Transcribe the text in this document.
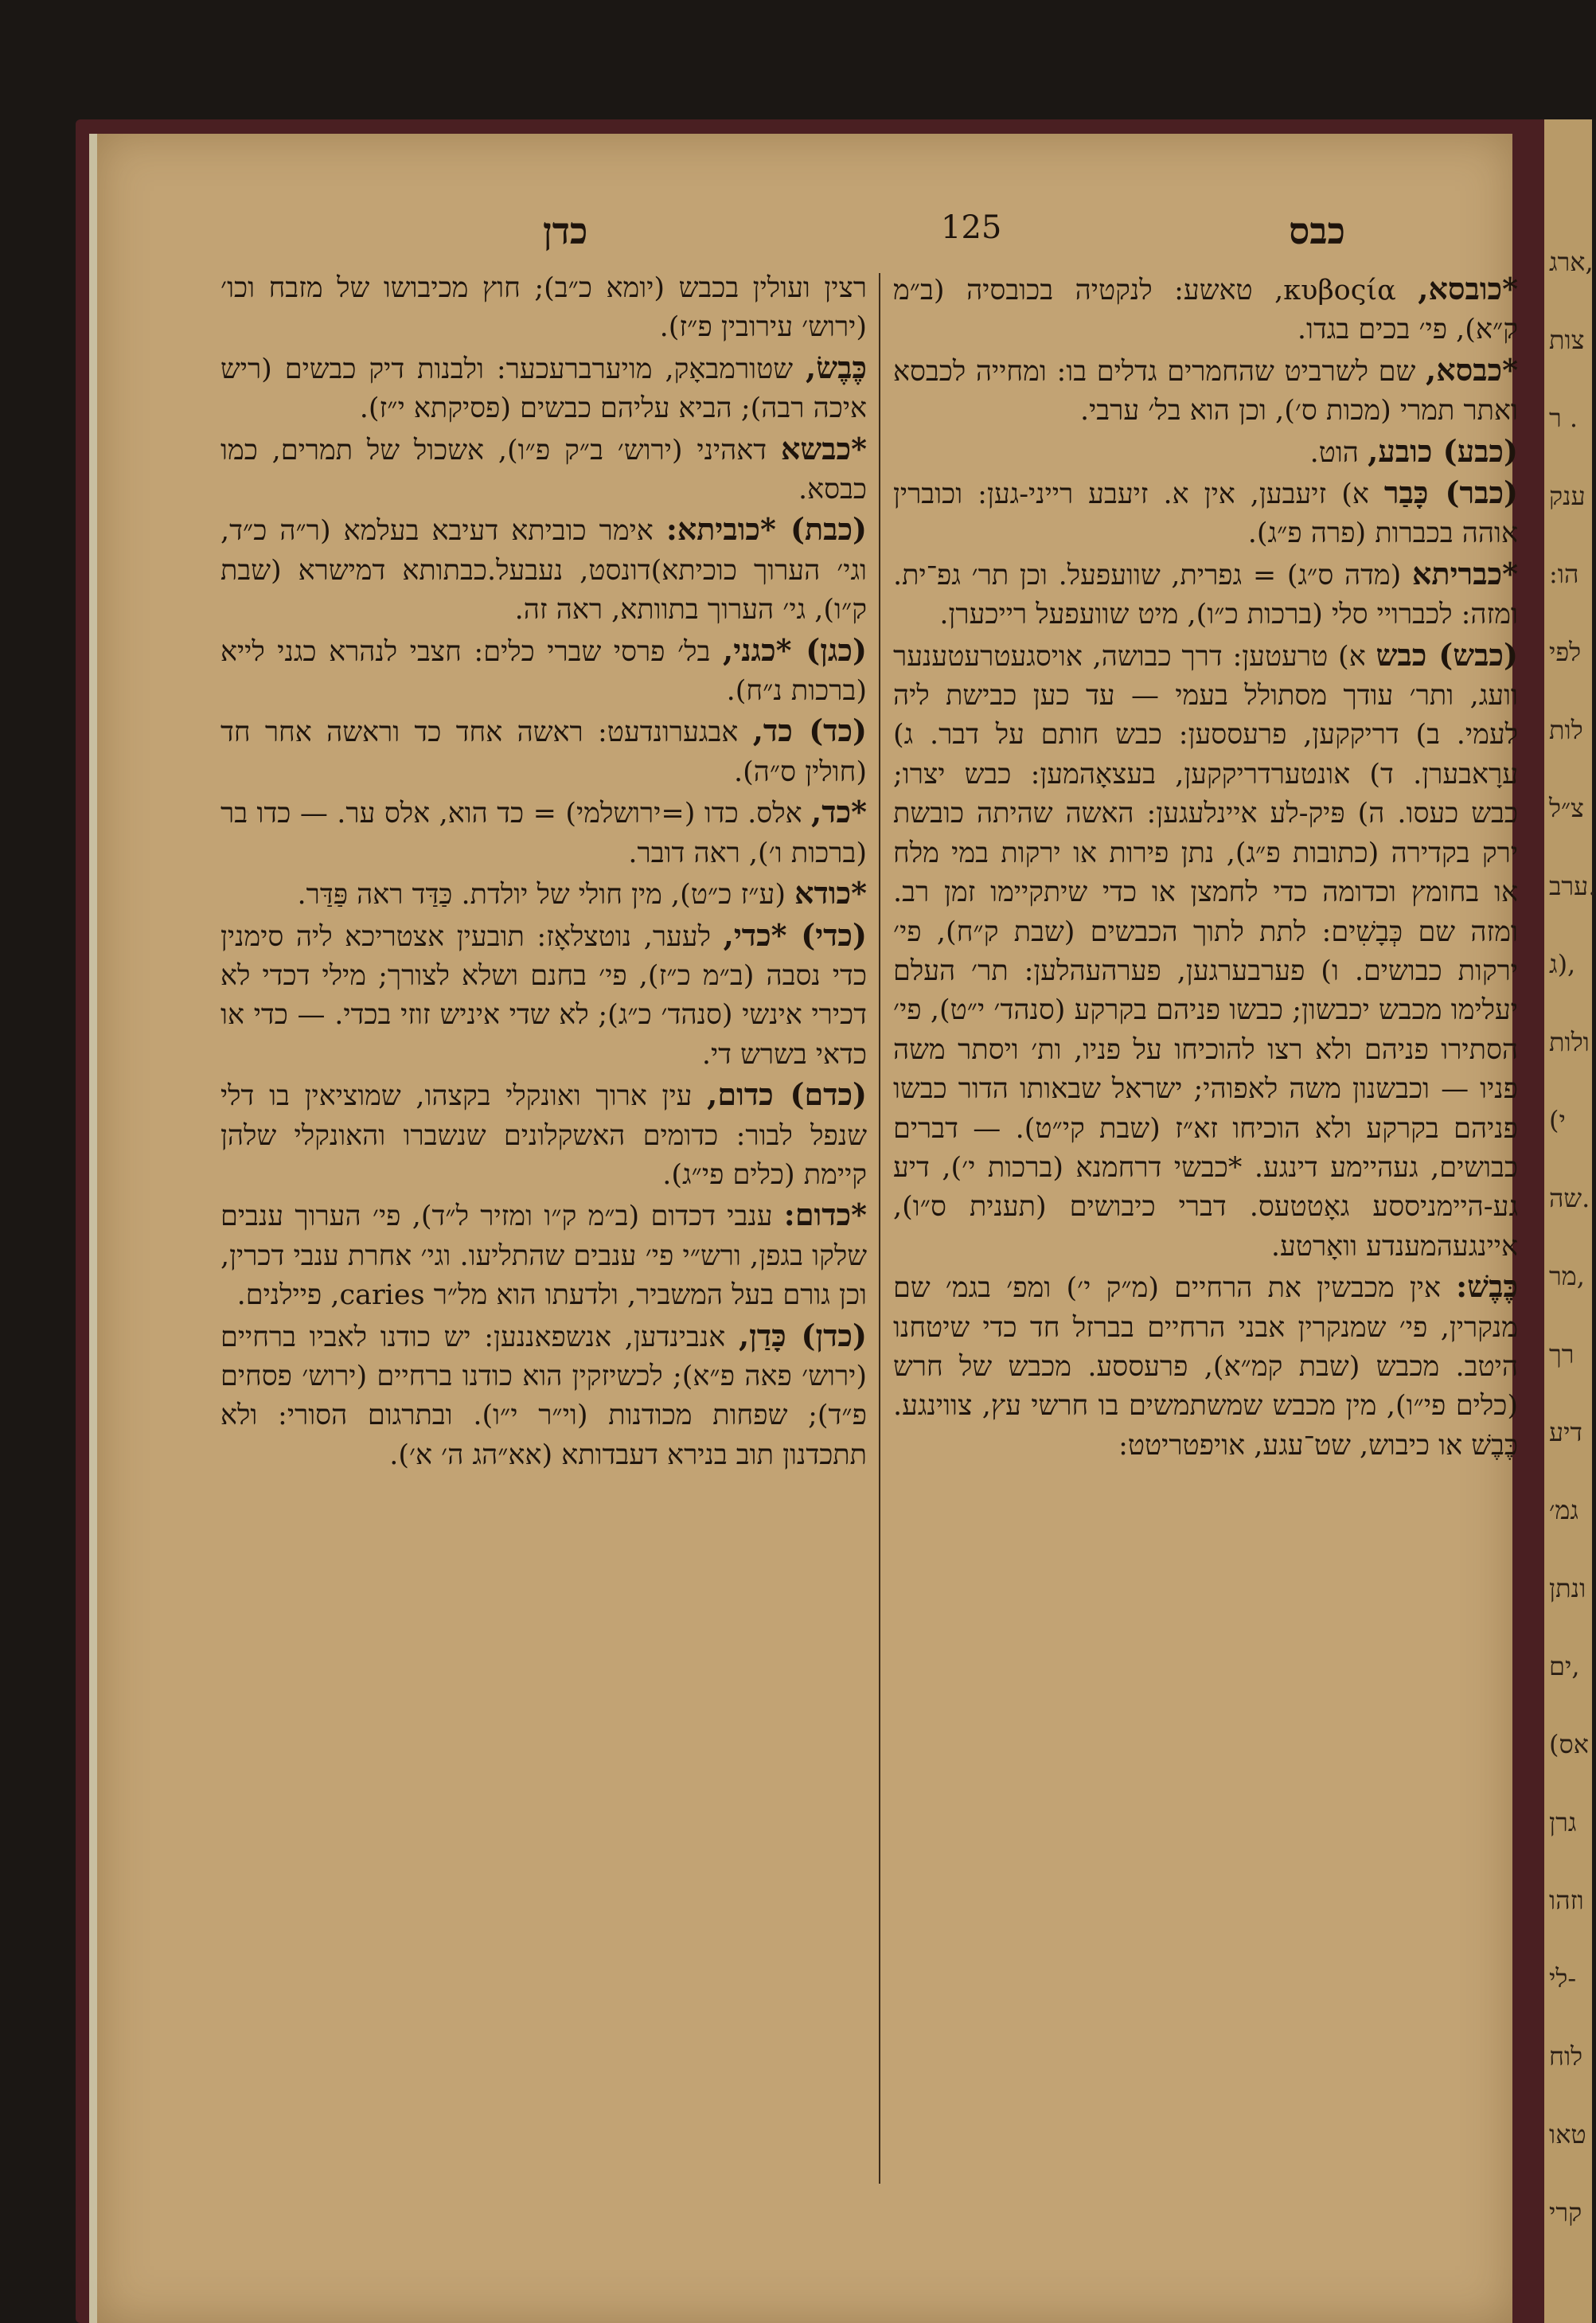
ארג,
צות
ר .
ענק
:הו
לפי
לות
צ״ל
ערב.
ג),
ולות
(י
שה.
מר,
רך
דיע
גמ׳
ונתן
ים,
(אס
גרן
וזהו
לי-
לוח
טאו
קרי
כדן	125	כבס

*כובסא, κυβοςία, טאשע: לנקטיה בכובסיה (ב״מ ק״א), פי׳ בכים בגדו.

*כבסא, שם לשרביט שהחמרים גדלים בו: ומחייה לכבסא ואתר תמרי (מכות ס׳), וכן הוא בל׳ ערבי.

(כבע) כובע, הוט.

(כבר) כָּבַר א) זיעבען, אין א. זיעבע רייני-גען: וכוברין אוהה בכברות (פרה פ״ג).

*כבריתא (מדה ס״ג) = גפרית, שוועפעל. וכן תר׳ גפ־ית. ומזה: לכברויי סלי (ברכות כ״ו), מיט שוועפעל רייכערן.

(כבש) כבש א) טרעטען: דרך כבושה, אויסגעטרעטענער וועג, ותר׳ עודך מסתולל בעמי — עד כען כבישת ליה לעמי. ב) דריקקען, פרעססען: כבש חותם על דבר. ג) ערָאבערן. ד) אונטערדריקקען, בעצאָהמען: כבש יצרו; כבש כעסו. ה) פּיק-לע איינלעגען: האשה שהיתה כובשת ירק בקדירה (כתובות פ״ג), נתן פירות או ירקות במי מלח או בחומץ וכדומה כדי לחמצן או כדי שיתקיימו זמן רב. ומזה שם כְּבָשִׁים: לתת לתוך הכבשים (שבת ק״ח), פי׳ ירקות כבושים. ו) פערבערגען, פערהעהלען: תר׳ העלם יעלימו מכבש יכבשון; כבשו פניהם בקרקע (סנהד׳ י״ט), פי׳ הסתירו פניהם ולא רצו להוכיחו על פניו, ות׳ ויסתר משה פניו — וכבשנון משה לאפוהי; ישראל שבאותו הדור כבשו פניהם בקרקע ולא הוכיחו זא״ז (שבת קי״ט). — דברים כבושים, געהיימע דינגע. *כבשי דרחמנא (ברכות י׳), דיע גע-היימניססע גאָטטעס. דברי כיבושים (תענית ס״ו), איינגעהמענדע וואָרטע.

כֶּבֶשׁ: אין מכבשין את הרחיים (מ״ק י׳) ומפ׳ בגמ׳ שם מנקרין, פי׳ שמנקרין אבני הרחיים בברזל חד כדי שיטחנו היטב. מכבש (שבת קמ״א), פרעססע. מכבש של חרש (כלים פי״ו), מין מכבש שמשתמשים בו חרשי עץ, צווינגע. כֶּבֶשׁ או כיבוש, שט־עגע, אויפטריטט:

רצין ועולין בכבש (יומא כ״ב); חוץ מכיבושו של מזבח וכו׳ (ירוש׳ עירובין פ״ז).

כֶּבֶשׂ, שטורמבאָק, מויערברעכער: ולבנות דיק כבשים (ריש איכה רבה); הביא עליהם כבשים (פסיקתא י״ז).

*כבשא דאהיני (ירוש׳ ב״ק פ״ו), אשכול של תמרים, כמו כבסא.

(כבת) *כוביתא: אימר כוביתא דעיבא בעלמא (ר״ה כ״ד, וגי׳ הערוך כוכיתא)דונסט, נעבעל.כבתותא דמישרא (שבת ק״ו), גי׳ הערוך בתוותא, ראה זה.

(כגן) *כגני, בל׳ פרסי שברי כלים: חצבי לנהרא כגני לייא (ברכות נ״ח).

(כד) כד, אבגערונדעט: ראשה אחד כד וראשה אחר חד (חולין ס״ה).

*כד, אלס. כדו (=ירושלמי) = כד הוא, אלס ער. — כדו בר (ברכות ו׳), ראה דובר.

*כודא (ע״ז כ״ט), מין חולי של יולדת. כַּדַּד ראה פַּדַּר.

(כדי) *כדי, לעער, נוטצלאָז: תובעין אצטריכא ליה סימנין כדי נסבה (ב״מ כ״ז), פי׳ בחנם ושלא לצורך; מילי דכדי לא דכירי אינשי (סנהד׳ כ״ג); לא שדי איניש זוזי בכדי. — כדי או כדאי בשרש די.

(כדם) כדום, עין ארוך ואונקלי בקצהו, שמוציאין בו דלי שנפל לבור: כדומים האשקלונים שנשברו והאונקלי שלהן קיימת (כלים פי״ג).

*כדום: ענבי דכדום (ב״מ ק״ו ומזיר ל״ד), פי׳ הערוך ענבים שלקו בגפן, ורש״י פי׳ ענבים שהתליעו. וגי׳ אחרת ענבי דכרין, וכן גורם בעל המשביר, ולדעתו הוא מל״ר caries, פיילנים.

(כדן) כָּדַן, אנבינדען, אנשפאננען: יש כודנו לאביו ברחיים (ירוש׳ פאה פ״א); לכשיזקין הוא כודנו ברחיים (ירוש׳ פסחים פ״ד); שפחות מכודנות (וי״ר י״ו). ובתרגום הסורי: ולא תתכדנון תוב בנירא דעבדותא (אא״הג ה׳ א׳).
